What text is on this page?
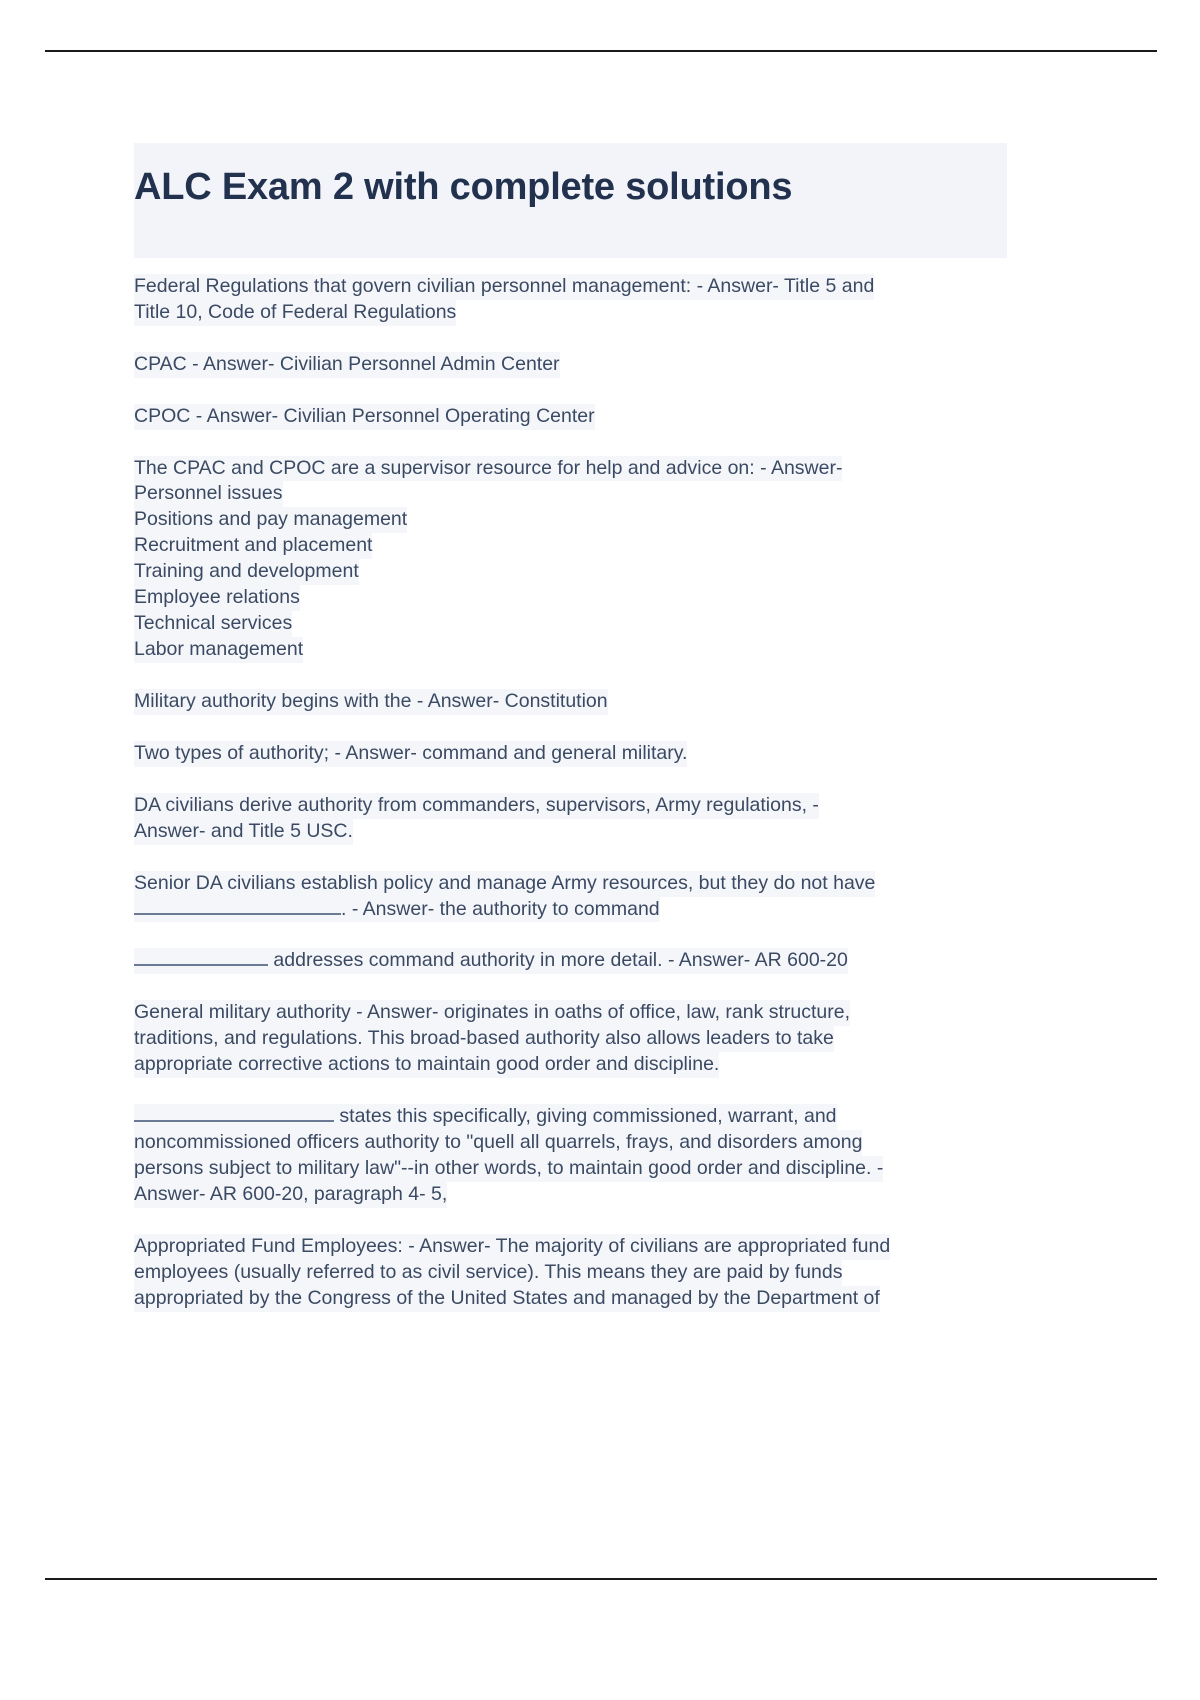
ALC Exam 2 with complete solutions
Federal Regulations that govern civilian personnel management: - Answer- Title 5 and
Title 10, Code of Federal Regulations
CPAC - Answer- Civilian Personnel Admin Center
CPOC - Answer- Civilian Personnel Operating Center
The CPAC and CPOC are a supervisor resource for help and advice on: - Answer-
Personnel issues
Positions and pay management
Recruitment and placement
Training and development
Employee relations
Technical services
Labor management
Military authority begins with the - Answer- Constitution
Two types of authority; - Answer- command and general military.
DA civilians derive authority from commanders, supervisors, Army regulations, -
Answer- and Title 5 USC.
Senior DA civilians establish policy and manage Army resources, but they do not have
. - Answer- the authority to command
addresses command authority in more detail. - Answer- AR 600-20
General military authority - Answer- originates in oaths of office, law, rank structure,
traditions, and regulations. This broad-based authority also allows leaders to take
appropriate corrective actions to maintain good order and discipline.
states this specifically, giving commissioned, warrant, and
noncommissioned officers authority to "quell all quarrels, frays, and disorders among
persons subject to military law"--in other words, to maintain good order and discipline. -
Answer- AR 600-20, paragraph 4- 5,
Appropriated Fund Employees: - Answer- The majority of civilians are appropriated fund
employees (usually referred to as civil service). This means they are paid by funds
appropriated by the Congress of the United States and managed by the Department of
